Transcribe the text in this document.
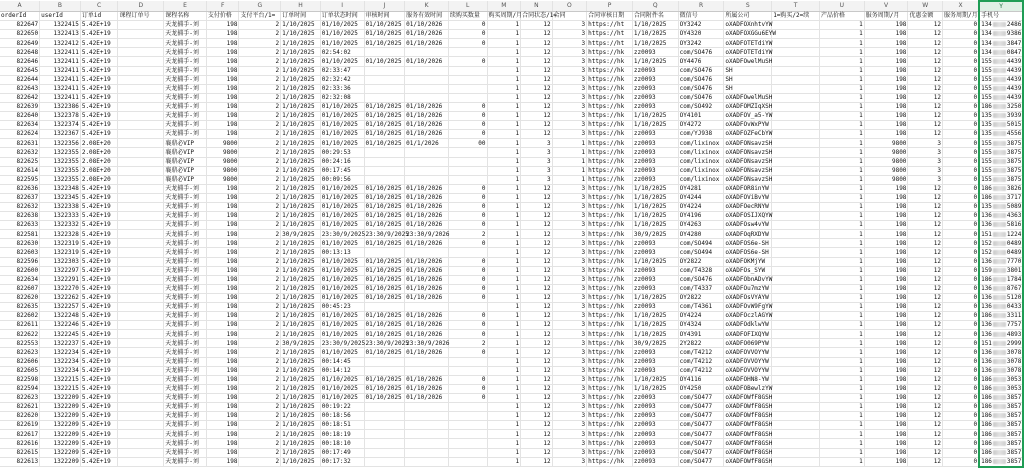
A	B	C	D	E	F	G	H	I	J	K	L	M	N	O	P	Q	R	S	T	U	V	W	X	Y
orderId	userId	订单id	课程订单号	课程名称	支付价格	支付平台/1=	订单时间	订单状态时间	审核时间	服务有效时间	续购买数量	购买周期/月	合同状态/1=	合同	合同审核日期	合同附件名	微信号	所属公司	1=购买/2=续	产品价格	服务周期/月	优惠金额	服务周期/月	手机号
822647	1322415	5.42E+19		天龙捕手-刘	198	2	1/10/2025	01/10/2025	01/10/2025	01/10/2026	0	1	12	3	https://ht	1/10/2025	OY3242	oXADFOXnhtvYW		1	198	12	0	134 2486
822650	1322413	5.42E+19		天龙捕手-刘	198	2	1/10/2025	01/10/2025	01/10/2025	01/10/2026	0	1	12	3	https://ht	1/10/2025	OY4320	oXADFOXGGu6EYW		1	198	12	0	134 9386
822649	1322412	5.42E+19		天龙捕手-刘	198	2	1/10/2025	01/10/2025	01/10/2025	01/10/2026	0	1	12	3	https://ht	1/10/2025	OY3242	oXADFOTETdiYW		1	198	12	0	134 3847
822648	1322411	5.42E+19		天龙捕手-刘	198	2	1/10/2025	02:54:02				1	12	3	https://hk	zz0093	com/SO476	oXADFOTETdiYW		1	198	12	0	134 0847
822646	1322411	5.42E+19		天龙捕手-刘	198	2	1/10/2025	01/10/2025	01/10/2025	01/10/2026	0	1	12	3	https://hk	1/10/2025	OY4476	oXADFOwelMuSH		1	198	12	0	155 4439
822645	1322411	5.42E+19		天龙捕手-刘	198	2	1/10/2025	02:33:47				1	12	3	https://hk	zz0093	com/SO476	SH		1	198	12	0	155 4439
822644	1322411	5.42E+19		天龙捕手-刘	198	2	1/10/2025	02:32:42				1	12	3	https://hk	zz0093	com/SO476	SH		1	198	12	0	155 4439
822643	1322411	5.42E+19		天龙捕手-刘	198	2	1/10/2025	02:33:36				1	12	3	https://hk	zz0093	com/SO476	SH		1	198	12	0	155 4439
822642	1322411	5.42E+19		天龙捕手-刘	198	2	1/10/2025	02:32:08				1	12	3	https://hk	zz0093	com/SO476	oXADFOwelMuSH		1	198	12	0	155 4439
822639	1322386	5.42E+19		天龙捕手-刘	198	2	1/10/2025	01/10/2025	01/10/2025	01/10/2026	0	1	12	3	https://hk	zz0093	com/SO492	oXADFOMZIqXSH		1	198	12	0	186 3250
822640	1322378	5.42E+19		天龙捕手-刘	198	2	1/10/2025	01/10/2025	01/10/2025	01/10/2026	0	1	12	3	https://hk	1/10/2025	OY4101	oXADFOV_a5-YW		1	198	12	0	135 3939
822634	1322374	5.42E+19		天龙捕手-刘	198	2	1/10/2025	01/10/2025	01/10/2025	01/10/2026	0	1	12	3	https://hk	1/10/2025	OY4272	oXADFOvWxPYW		1	198	12	0	135 5015
822624	1322367	5.42E+19		天龙捕手-刘	198	2	1/10/2025	01/10/2025	01/10/2025	01/10/2026	0	1	12	3	https://hk	zz0093	com/YJ938	oXADFOZFeCbYW		1	198	12	0	135 4556
822631	1322356	2.08E+20		襄鼎必VIP	9800	2	1/10/2025	01/10/2025	01/10/2025	01/1/2026	00	1	3	1	https://hk	zz0093	com/lixinox	oXADFONsavzSH		1	9800	3	0	155 3875
822632	1322355	2.08E+20		襄鼎必VIP	9800	2	1/10/2025	00:29:53				1	3	1	https://hk	zz0093	com/lixinox	oXADFONsavzSH		1	9800	3	0	155 3875
822625	1322355	2.08E+20		襄鼎必VIP	9800	2	1/10/2025	00:24:16				1	3	1	https://hk	zz0093	com/lixinox	oXADFONsavzSH		1	9800	3	0	155 3875
822614	1322355	2.08E+20		襄鼎必VIP	9800	2	1/10/2025	00:17:45				1	3	1	https://hk	zz0093	com/lixinox	oXADFONsavzSH		1	9800	3	0	155 3875
822595	1322355	2.08E+20		襄鼎必VIP	9800	2	1/10/2025	00:09:56				1	3	1	https://hk	zz0093	com/lixinox	oXADFONsavzSH		1	9800	3	0	155 3875
822636	1322348	5.42E+19		天龙捕手-刘	198	2	1/10/2025	01/10/2025	01/10/2025	01/10/2026	0	1	12	3	https://hk	1/10/2025	OY4281	oXADFOR8inYW		1	198	12	0	186 3826
822637	1322345	5.42E+19		天龙捕手-刘	198	2	1/10/2025	01/10/2025	01/10/2025	01/10/2026	0	1	12	3	https://hk	1/10/2025	OY4244	oXADFOViBvYW		1	198	12	0	186 3717
822632	1322338	5.42E+19		天龙捕手-刘	198	2	1/10/2025	01/10/2025	01/10/2025	01/10/2026	0	1	12	3	https://hk	1/10/2025	OY4224	oXADFOecRNYW		1	198	12	0	135 5089
822638	1322333	5.42E+19		天龙捕手-刘	198	2	1/10/2025	01/10/2025	01/10/2025	01/10/2026	0	1	12	3	https://hk	1/10/2025	OY4196	oXADFOSIJXQYW		1	198	12	0	136 4363
822633	1322332	5.42E+19		天龙捕手-刘	198	2	1/10/2025	01/10/2025	01/10/2025	01/10/2026	0	1	12	3	https://hk	1/10/2025	OY4263	oXADFOsw4vYW		1	198	12	0	136 5816
822581	1322328	5.42E+19		天龙捕手-刘	198	2	30/9/2025	23:30/9/2025	23:30/9/2025	23:30/9/2026	2	1	12	3	https://hk	30/9/2025	OY4280	oXADFOqRXDYW		1	198	12	0	151 1224
822630	1322319	5.42E+19		天龙捕手-刘	198	2	1/10/2025	01/10/2025	01/10/2025	01/10/2026	0	1	12	3	https://hk	zz0093	com/SO494	oXADFOS6e-SH		1	198	12	0	152 0489
822603	1322319	5.42E+19		天龙捕手-刘	198	2	1/10/2025	00:13:13				1	12	3	https://hk	zz0093	com/SO494	oXADFOS6e-SH		1	198	12	0	152 0489
822596	1322303	5.42E+19		天龙捕手-刘	198	2	1/10/2025	01/10/2025	01/10/2025	01/10/2026	0	1	12	3	https://hk	1/10/2025	OY2822	oXADFOKMjYW		1	198	12	0	136 7770
822600	1322297	5.42E+19		天龙捕手-刘	198	2	1/10/2025	01/10/2025	01/10/2025	01/10/2026	0	1	12	3	https://hk	zz0093	com/T4328	oXADFOs_SYW		1	198	12	0	159 3801
822634	1322291	5.42E+19		天龙捕手-刘	198	2	1/10/2025	01/10/2025	01/10/2025	01/10/2026	0	1	12	3	https://hk	zz0093	com/SO476	oXADFObnADvYW		1	198	12	0	186 1784
822607	1322270	5.42E+19		天龙捕手-刘	198	2	1/10/2025	01/10/2025	01/10/2025	01/10/2026	0	1	12	3	https://hk	zz0093	com/T4337	oXADFOu7mzYW		1	198	12	0	136 8767
822620	1322262	5.42E+19		天龙捕手-刘	198	2	1/10/2025	01/10/2025	01/10/2025	01/10/2026	0	1	12	3	https://hk	1/10/2025	OY2822	oXADFOsVYAYW		1	198	12	0	136 5120
822635	1322257	5.42E+19		天龙捕手-刘	198	2	1/10/2025	00:45:23				1	12	3	https://hk	zz0093	com/T4361	oXADFOvW9FgYW		1	198	12	0	136 0433
822602	1322248	5.42E+19		天龙捕手-刘	198	2	1/10/2025	01/10/2025	01/10/2025	01/10/2026	0	1	12	3	https://hk	1/10/2025	OY4224	oXADFOczlAGYW		1	198	12	0	186 3311
822611	1322246	5.42E+19		天龙捕手-刘	198	2	1/10/2025	01/10/2025	01/10/2025	01/10/2026	0	1	12	3	https://hk	1/10/2025	OY4324	oXADFOdklwYW		1	198	12	0	136 7757
822622	1322245	5.42E+19		天龙捕手-刘	198	2	1/10/2025	01/10/2025	01/10/2025	01/10/2026	0	1	12	3	https://hk	1/10/2025	OY4391	oXADFOFIXQYW		1	198	12	0	136 4893
822553	1322237	5.42E+19		天龙捕手-刘	198	2	30/9/2025	23:30/9/2025	23:30/9/2025	23:30/9/2026	2	1	12	3	https://hk	30/9/2025	2Y2822	oXADFO069PYW		1	198	12	0	151 2999
822623	1322234	5.42E+19		天龙捕手-刘	198	2	1/10/2025	01/10/2025	01/10/2025	01/10/2026	0	1	12	3	https://hk	zz0093	com/T4212	oXADFOVVOYYW		1	198	12	0	136 3078
822606	1322234	5.42E+19		天龙捕手-刘	198	2	1/10/2025	00:14:45				1	12	3	https://hk	zz0093	com/T4212	oXADFOVVOYYW		1	198	12	0	136 3078
822605	1322234	5.42E+19		天龙捕手-刘	198	2	1/10/2025	00:14:12				1	12	3	https://hk	zz0093	com/T4212	oXADFOVVOYYW		1	198	12	0	136 3078
822598	1322215	5.42E+19		天龙捕手-刘	198	2	1/10/2025	01/10/2025	01/10/2025	01/10/2026	0	1	12	3	https://hk	1/10/2025	OY4116	oXADFOHN8-YW		1	198	12	0	186 3053
822594	1322215	5.42E+19		天龙捕手-刘	198	2	1/10/2025	01/10/2025	01/10/2025	01/10/2026	0	1	12	3	https://hk	1/10/2025	OY4250	oXADFOBewlzYW		1	198	12	0	186 3053
822623	1322209	5.42E+19		天龙捕手-刘	198	2	1/10/2025	01/10/2025	01/10/2025	01/10/2026	0	1	12	3	https://hk	zz0093	com/SO477	oXADFOWfF8GSH		1	198	12	0	186 3857
822621	1322209	5.42E+19		天龙捕手-刘	198	2	1/10/2025	00:19:22				1	12	3	https://hk	zz0093	com/SO477	oXADFOWfF8GSH		1	198	12	0	186 3857
822620	1322209	5.42E+19		天龙捕手-刘	198	2	1/10/2025	00:18:56				1	12	3	https://hk	zz0093	com/SO477	oXADFOWfF8GSH		1	198	12	0	186 3857
822619	1322209	5.42E+19		天龙捕手-刘	198	2	1/10/2025	00:18:51				1	12	3	https://hk	zz0093	com/SO477	oXADFOWfF8GSH		1	198	12	0	186 3857
822617	1322209	5.42E+19		天龙捕手-刘	198	2	1/10/2025	00:18:19				1	12	3	https://hk	zz0093	com/SO477	oXADFOWfF8GSH		1	198	12	0	186 3857
822616	1322209	5.42E+19		天龙捕手-刘	198	2	1/10/2025	00:18:10				1	12	3	https://hk	zz0093	com/SO477	oXADFOWfF8GSH		1	198	12	0	186 3857
822615	1322209	5.42E+19		天龙捕手-刘	198	2	1/10/2025	00:17:49				1	12	3	https://hk	zz0093	com/SO477	oXADFOWfF8GSH		1	198	12	0	186 3857
822613	1322209	5.42E+19		天龙捕手-刘	198	2	1/10/2025	00:17:32				1	12	3	https://hk	zz0093	com/SO477	oXADFOWfF8GSH		1	198	12	0	186 3857
